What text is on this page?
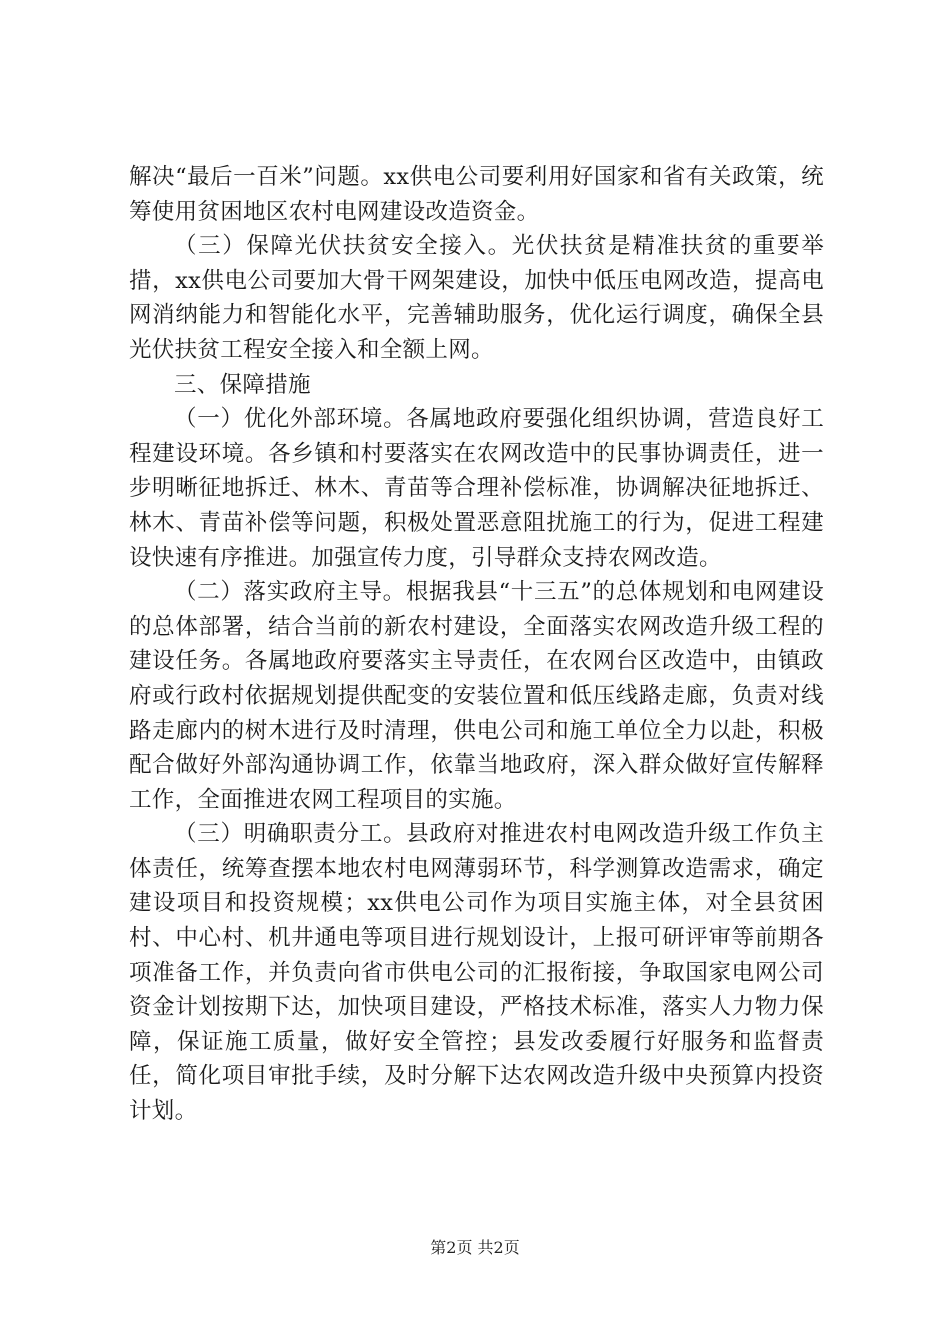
解决“最后一百米”问题。xx供电公司要利用好国家和省有关政策，统筹使用贫困地区农村电网建设改造资金。

（三）保障光伏扶贫安全接入。光伏扶贫是精准扶贫的重要举措，xx供电公司要加大骨干网架建设，加快中低压电网改造，提高电网消纳能力和智能化水平，完善辅助服务，优化运行调度，确保全县光伏扶贫工程安全接入和全额上网。

三、保障措施

（一）优化外部环境。各属地政府要强化组织协调，营造良好工程建设环境。各乡镇和村要落实在农网改造中的民事协调责任，进一步明晰征地拆迁、林木、青苗等合理补偿标准，协调解决征地拆迁、林木、青苗补偿等问题，积极处置恶意阻扰施工的行为，促进工程建设快速有序推进。加强宣传力度，引导群众支持农网改造。

（二）落实政府主导。根据我县“十三五”的总体规划和电网建设的总体部署，结合当前的新农村建设，全面落实农网改造升级工程的建设任务。各属地政府要落实主导责任，在农网台区改造中，由镇政府或行政村依据规划提供配变的安装位置和低压线路走廊，负责对线路走廊内的树木进行及时清理，供电公司和施工单位全力以赴，积极配合做好外部沟通协调工作，依靠当地政府，深入群众做好宣传解释工作，全面推进农网工程项目的实施。

（三）明确职责分工。县政府对推进农村电网改造升级工作负主体责任，统筹查摆本地农村电网薄弱环节，科学测算改造需求，确定建设项目和投资规模；xx供电公司作为项目实施主体，对全县贫困村、中心村、机井通电等项目进行规划设计，上报可研评审等前期各项准备工作，并负责向省市供电公司的汇报衔接，争取国家电网公司资金计划按期下达，加快项目建设，严格技术标准，落实人力物力保障，保证施工质量，做好安全管控；县发改委履行好服务和监督责任，简化项目审批手续，及时分解下达农网改造升级中央预算内投资计划。

第2页 共2页
